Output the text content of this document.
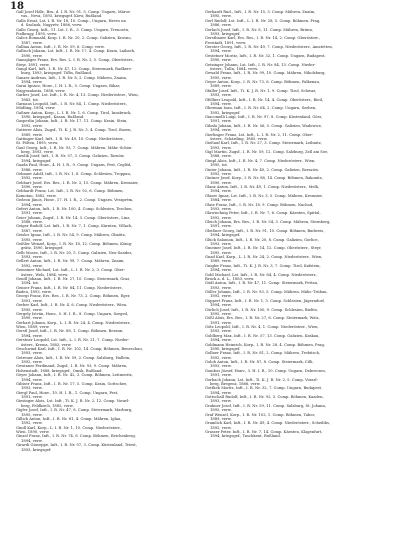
18
Gall Josef Hdlr., Bru. d. I. R. Nr. 91, 5. Comp. Ungarn, Märos-
vas., Neva, 1893, kriegsgef. Kiew, Rußland.
Galla Ernst, Lst. I. R. Nr. 18, 10. Comp., Ungarn, Heves un
d. Szolnok, Nagyrév, 1886, verw.
Gallo Georg, Inft., 11. Lst. I. R., 3. Comp. Ungarn, Trencsén,
Podhragy, 1895, verw.
Galicz Romuald, Korp. I. R. Nr. 20, 2. Comp. Galizien, Krosno,
1887, verw.
Gallina Anton, Inft., I. R. Nr. 59, 6. Comp. verw.
Gallisch Johann, Lst. Inft., I. R. Nr. 17, 4. Comp. Krain, Laibach,
1890, verw.
Gamsjäger Franz, Ers. Res. L. I. R. Nr. 2, 5. Comp. Oberösterr.,
Steyr, 1891, verw.
Gangl Karl, Inft., I. R. Nr. 47, 12. Comp. Steiermark, Radkers-
burg, 1893, kriegsgef. Tiflis, Rußland.
Ganzer Andreas, Inft., I. R. Nr. 8, 2. Comp. Mähren, Znaim,
1894, verw.
Garai Ignácz, Honv., I. H. I. R., 5. Comp. Ungarn, Bihar,
Nagyszalonta, 1888, verw.
Garber Josef, Lst. Inft., I. R. Nr. 4, 13. Comp. Niederösterr., Wien,
1883, tot.
Garnaus Leopold, Inft., I. R. Nr. 84, 1. Comp. Niederösterr.,
Mödling, 1894, verw.
Gaßner Anton, Korp., L. I. R. Nr. 1, 6. Comp. Tirol, Innsbruck,
1890, kriegsgef., Kasan, Rußland.
Gasperlin Johann, Inft., I. R. Nr. 17, 11. Comp. Krain, Stein,
1892, verw.
Gatterer Alois, Zugsf., Ti. K. J. R. Nr. 3, 4. Comp. Tirol, Bozen,
1889, verw.
Gattinger Karl, Inft., I. R. Nr. 49, 10. Comp. Niederösterr.,
St. Pölten, 1895, verw.
Gaul Georg, Inft., I. R. Nr. 93, 7. Comp. Mähren, Mähr.-Schön-
berg, 1893, verw.
Gawlik Josef, Inft., I. R. Nr. 57, 3. Comp. Galizien, Tarnów,
1894, kriegsgef.
Gazda Paul, Honv., 4. H. I. R., 9. Comp. Ungarn, Pest, Cegléd,
1886, verw.
Gebauer Adolf, Inft., I. R. Nr. 1, 8. Comp. Schlesien, Troppau,
1892, verw.
Gebhart Josef, Ers. Res., I. R. Nr. 3, 15. Comp. Mähren, Kremsier,
1890, verw.
Gebhardt Franz, Lst. Inft., I. R. Nr. 92, 6. Comp. Böhmen,
Komotau, 1882, verw.
Gedeon János, Honv., 17. H. I. R., 2. Comp. Ungarn, Veszprém,
1894, verw.
Gefert Anton, Inft., I. R. Nr. 100, 4. Comp. Schlesien, Teschen,
1891, verw.
Geier Johann, Zugsf., I. R. Nr. 14, 3. Comp. Oberösterr., Linz,
1888, verw.
Geiger Rudolf, Lst. Inft., I. R. Nr. 7, 1. Comp. Kärnten, Villach,
1887, verw.
Geisler Ignaz, Inft., I. R. Nr. 54, 9. Comp. Mähren, Olmütz,
1895, verw.
Geißler Wenzel, Korp., I. R. Nr. 18, 12. Comp. Böhmen, König-
grätz, 1890, kriegsgef.
Gelb Moses, Inft., I. R. Nr. 20, 5. Comp. Galizien, Neu-Sandez,
1893, verw.
Gellert Anton, Inft., I. R. Nr. 99, 7. Comp. Mähren, Znaim,
1892, verw.
Gemeiner Michael, Lst. Inft., L. I. R. Nr. 2, 3. Comp. Ober-
österr., Wels, 1884, verw.
Gendl Johann, Inft., I. R. Nr. 27, 10. Comp. Steiermark, Graz,
1894, tot.
Genser Franz, Inft., I. R. Nr. 84, 11. Comp. Niederösterr.,
Baden, 1893, verw.
Georgi Franz, Ers. Res., I. R. Nr. 73, 2. Comp. Böhmen, Eger,
1891, verw.
Gerber Karl, Inft., I. R. Nr. 4, 6. Comp. Niederösterr., Wien,
1895, verw.
Gergely István, Honv., 5. H. I. R., 8. Comp. Ungarn, Szeged,
1890, verw.
Gerhart Johann, Korp., L. I. R. Nr. 24, 4. Comp. Niederösterr.,
Wien, 1889, verw.
Gerstl Josef, Inft., I. R. Nr. 88, 1. Comp. Böhmen, Beraun,
1894, verw.
Gerstner Leopold, Lst. Inft., L. I. R. Nr. 21, 7. Comp. Nieder-
österr., Krems, 1883, verw.
Geschwind Karl, Inft., I. R. Nr. 102, 14. Comp. Böhmen, Beneschau,
1893, verw.
Getreuer Alois, Inft., I. R. Nr. 59, 2. Comp. Salzburg, Hallein,
1892, verw.
Gewinner Ferdinand, Zugsf., I. R. Nr. 93, 9. Comp. Mähren,
Hohenstadt, 1888, kriegsgef., Omsk, Rußland.
Geyer Johann, Inft., I. R. Nr. 42, 3. Comp. Böhmen, Leitmeritz,
1894, verw.
Gibiser Franz, Inft., I. R. Nr. 17, 5. Comp. Krain, Gottschee,
1893, verw.
Giergl Paul, Honv., 10. H. I. R., 1. Comp. Ungarn, Pest,
1891, verw.
Giesinger Alois, Lst. Inft., Ti. K. J. R. Nr. 2, 12. Comp. Vorarl-
berg, Feldkirch, 1885, verw.
Gigler Josef, Inft., I. R. Nr. 47, 8. Comp. Steiermark, Marburg,
1895, verw.
Gillich Anton, Inft., I. R. Nr. 81, 4. Comp. Mähren, Iglau,
1892, verw.
Gindl Karl, Korp., L. I. R. Nr. 1, 10. Comp. Niederösterr.,
Wien, 1890, verw.
Ginzel Franz, Inft., I. R. Nr. 74, 6. Comp. Böhmen, Reichenberg,
1894, verw.
Girardi Giuseppe, Inft., I. R. Nr. 97, 3. Comp. Küstenland, Triest,
1893, kriegsgef.
Gerhardt Rud., Inft., I. R. Nr. 15, 3. Comp. Mähren, Znaim,
1895, verw.
Gerl Rudolf, Lst. Inft., L. I. R. Nr. 28, 5. Comp. Böhmen, Prag,
1886, verw.
Gerlach Josef, Inft., I. R. Nr. 8, 11. Comp. Mähren, Brünn,
1893, kriegsgef.
Gerstbauer Karl, Ers. Res., I. R. Nr. 14, 2. Comp. Oberösterr.,
Freistadt, 1891, verw.
Gerster Georg, Inft., I. R. Nr. 49, 7. Comp. Niederösterr., Amstetten,
1894, verw.
Gestetner Moritz, Inft., I. R. Nr. 32, 1. Comp. Ungarn, Budapest,
1890, verw.
Getzinger Johann, Lst. Inft., I. R. Nr. 84, 13. Comp. Nieder-
österr., Tulln, 1884, verw.
Gewald Franz, Inft., I. R. Nr. 99, 10. Comp. Mähren, Nikolsburg,
1895, verw.
Geyer Anton, Korp., I. R. Nr. 73, 6. Comp. Böhmen, Falkenau,
1889, verw.
Gfaller Josef, Inft., Ti. K. J. R. Nr. 1, 9. Comp. Tirol, Schwaz,
1893, verw.
Gföllner Leopold, Inft., I. R. Nr. 14, 4. Comp. Oberösterr., Ried,
1894, verw.
Gherman Ioan, Inft., I. R. Nr. 64, 2. Comp. Ungarn, Szeben,
1892, kriegsgef.
Giacomelli Luigi, Inft., I. R. Nr. 97, 8. Comp. Küstenland, Görz,
1891, verw.
Gibala Johann, Inft., I. R. Nr. 56, 5. Comp. Galizien, Wadowice,
1894, verw.
Gierlinger Franz, Lst. Inft., L. I. R. Nr. 2, 11. Comp. Ober-
österr., Schärding, 1885, verw.
Gießauf Karl, Inft., I. R. Nr. 27, 3. Comp. Steiermark, Leibnitz,
1893, verw.
Gigl Martin, Zugsf., I. R. Nr. 59, 12. Comp. Salzburg, Zell am See,
1888, verw.
Gimpl Alois, Inft., I. R. Nr. 4, 7. Comp. Niederösterr., Wien,
1895, tot.
Ginter Johann, Inft., I. R. Nr. 40, 2. Comp. Galizien, Rzeszów,
1892, verw.
Gintner Josef, Korp., I. R. Nr. 88, 14. Comp. Böhmen, Rakonitz,
1890, verw.
Glanz Anton, Inft., I. R. Nr. 49, 1. Comp. Niederösterr., Melk,
1894, verw.
Glaser Ignaz, Lst. Inft., I. R. Nr. 3, 5. Comp. Mähren, Kremsier,
1884, verw.
Glatz Franz, Inft., I. R. Nr. 18, 9. Comp. Böhmen, Nachod,
1893, verw.
Glawischnig Peter, Inft., I. R. Nr. 7, 6. Comp. Kärnten, Spittal,
1892, verw.
Gleich Johann, Ers. Res., I. R. Nr. 54, 3. Comp. Mähren, Sternberg,
1891, verw.
Gleißner Georg, Inft., I. R. Nr. 91, 10. Comp. Böhmen, Budweis,
1894, kriegsgef.
Glück Salomon, Inft., I. R. Nr. 20, 8. Comp. Galizien, Gorlice,
1893, verw.
Gmeiner Josef, Inft., I. R. Nr. 14, 12. Comp. Oberösterr., Steyr,
1895, verw.
Gnad Karl, Korp., L. I. R. Nr. 24, 2. Comp. Niederösterr., Wien,
1889, verw.
Gnigler Franz, Inft., Ti. K. J. R. Nr. 3, 7. Comp. Tirol, Kufstein,
1894, verw.
Gobl Michael, Lst. Inft., I. R. Nr. 84, 4. Comp. Niederösterr.,
Bruck a. d. L., 1883, verw.
Gödl Anton, Inft., I. R. Nr. 47, 11. Comp. Steiermark, Pettau,
1893, verw.
Göller Johann, Inft., I. R. Nr. 93, 5. Comp. Mähren, Mähr.-Trübau,
1892, verw.
Göppert Franz, Inft., I. R. Nr. 1, 3. Comp. Schlesien, Jägerndorf,
1894, verw.
Görlich Josef, Inft., I. R. Nr. 100, 9. Comp. Schlesien, Bielitz,
1895, verw.
Gößl Alois, Ers. Res., I. R. Nr. 27, 6. Comp. Steiermark, Weiz,
1891, verw.
Götz Leopold, Inft., I. R. Nr. 4, 1. Comp. Niederösterr., Wien,
1893, verw.
Goldberg Max, Inft., I. R. Nr. 57, 13. Comp. Galizien, Krakau,
1894, verw.
Goldmann Heinrich, Korp., I. R. Nr. 28, 4. Comp. Böhmen, Prag,
1890, kriegsgef.
Gollner Franz, Inft., I. R. Nr. 81, 2. Comp. Mähren, Trebitsch,
1892, verw.
Golob Anton, Inft., I. R. Nr. 87, 8. Comp. Steiermark, Cilli,
1893, verw.
Gombos József, Honv., 3. H. I. R., 10. Comp. Ungarn, Debreczen,
1891, verw.
Gorbach Johann, Lst. Inft., Ti. K. J. R. Nr. 2, 5. Comp. Vorarl-
berg, Bregenz, 1886, verw.
Gottlieb Moritz, Inft., I. R. Nr. 32, 7. Comp. Ungarn, Budapest,
1894, verw.
Gottschall Rudolf, Inft., I. R. Nr. 92, 3. Comp. Böhmen, Kaaden,
1893, verw.
Grabner Josef, Inft., I. R. Nr. 59, 11. Comp. Salzburg, St. Johann,
1895, verw.
Graf Wenzel, Korp., I. R. Nr. 102, 1. Comp. Böhmen, Tabor,
1889, verw.
Gramlich Karl, Inft., I. R. Nr. 49, 4. Comp. Niederösterr., Scheibbs,
1892, verw.
Grasser Peter, Inft., I. R. Nr. 7, 14. Comp. Kärnten, Klagenfurt,
1894, kriegsgef., Taschkent, Rußland.
